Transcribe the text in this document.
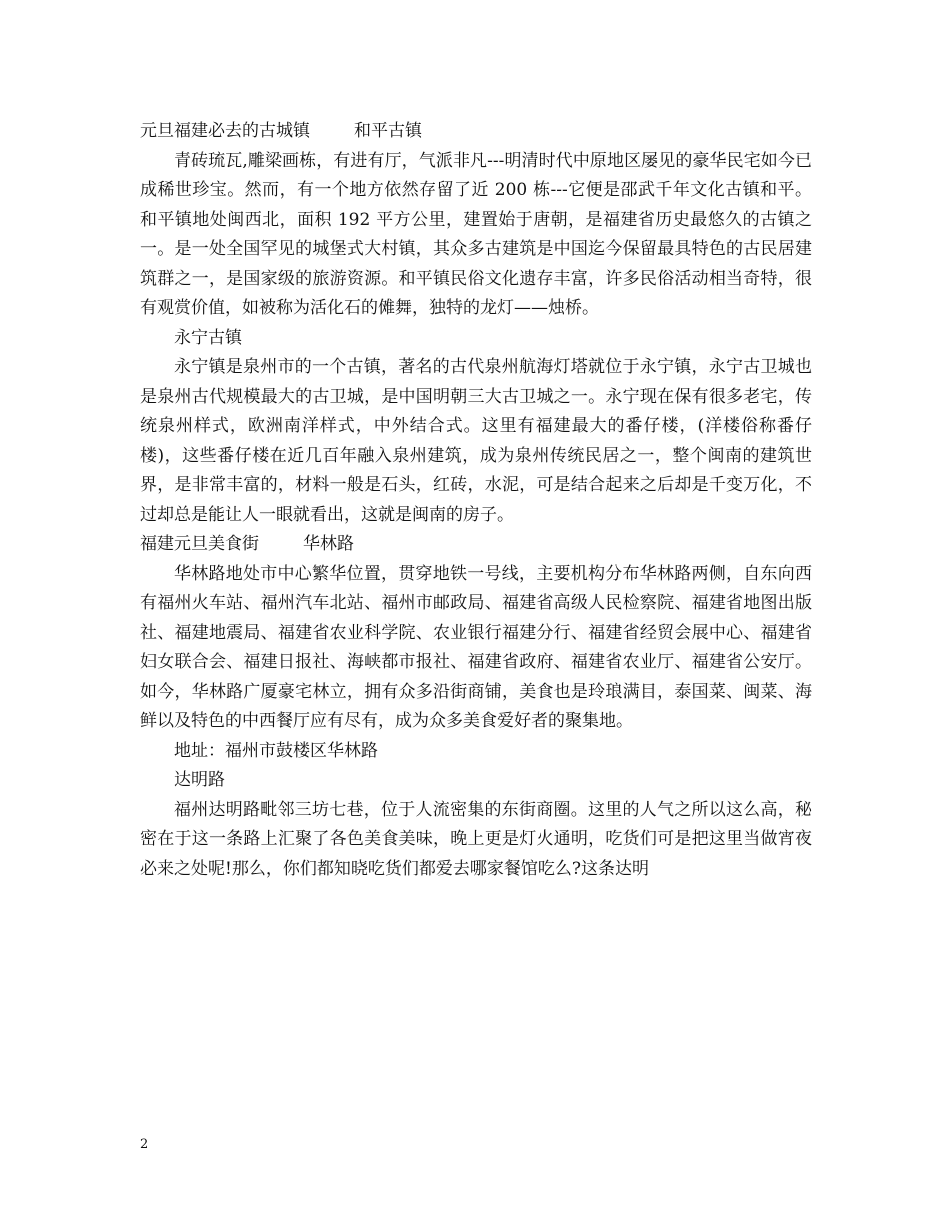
元旦福建必去的古城镇	和平古镇

青砖琉瓦,雕梁画栋，有进有厅，气派非凡---明清时代中原地区屡见的豪华民宅如今已成稀世珍宝。然而，有一个地方依然存留了近 200 栋---它便是邵武千年文化古镇和平。 和平镇地处闽西北，面积 192 平方公里，建置始于唐朝，是福建省历史最悠久的古镇之一。是一处全国罕见的城堡式大村镇，其众多古建筑是中国迄今保留最具特色的古民居建筑群之一，是国家级的旅游资源。和平镇民俗文化遗存丰富，许多民俗活动相当奇特，很有观赏价值，如被称为活化石的傩舞，独特的龙灯——烛桥。

永宁古镇

永宁镇是泉州市的一个古镇，著名的古代泉州航海灯塔就位于永宁镇，永宁古卫城也是泉州古代规模最大的古卫城，是中国明朝三大古卫城之一。永宁现在保有很多老宅，传统泉州样式，欧洲南洋样式，中外结合式。这里有福建最大的番仔楼，(洋楼俗称番仔楼)，这些番仔楼在近几百年融入泉州建筑，成为泉州传统民居之一，整个闽南的建筑世界，是非常丰富的，材料一般是石头，红砖，水泥，可是结合起来之后却是千变万化，不过却总是能让人一眼就看出，这就是闽南的房子。

福建元旦美食街	华林路

华林路地处市中心繁华位置，贯穿地铁一号线，主要机构分布华林路两侧，自东向西有福州火车站、福州汽车北站、福州市邮政局、福建省高级人民检察院、福建省地图出版社、福建地震局、福建省农业科学院、农业银行福建分行、福建省经贸会展中心、福建省妇女联合会、福建日报社、海峡都市报社、福建省政府、福建省农业厅、福建省公安厅。如今，华林路广厦豪宅林立，拥有众多沿街商铺，美食也是玲琅满目，泰国菜、闽菜、海鲜以及特色的中西餐厅应有尽有，成为众多美食爱好者的聚集地。

地址：福州市鼓楼区华林路

达明路

福州达明路毗邻三坊七巷，位于人流密集的东街商圈。这里的人气之所以这么高，秘密在于这一条路上汇聚了各色美食美味，晚上更是灯火通明，吃货们可是把这里当做宵夜必来之处呢!那么，你们都知晓吃货们都爱去哪家餐馆吃么?这条达明

2
